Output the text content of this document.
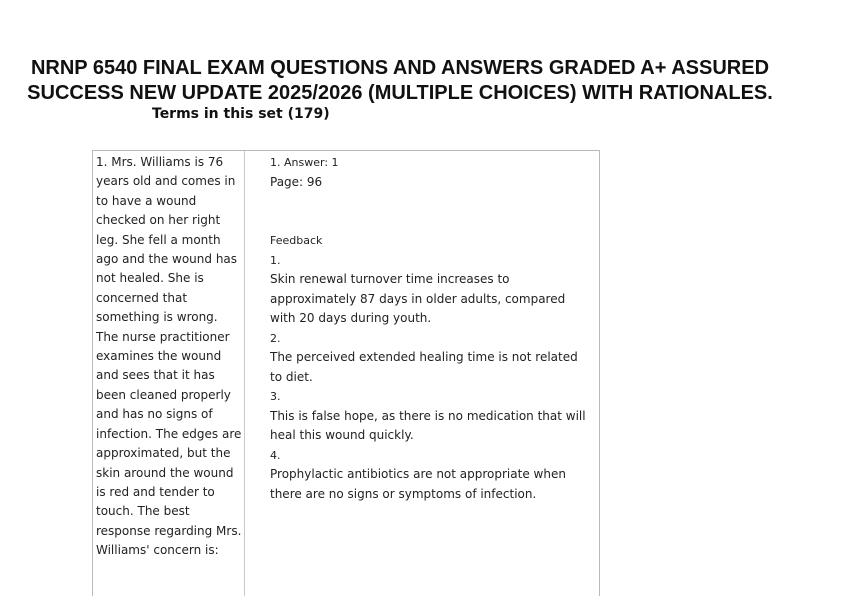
NRNP 6540 FINAL EXAM QUESTIONS AND ANSWERS GRADED A+ ASSURED
SUCCESS NEW UPDATE 2025/2026 (MULTIPLE CHOICES) WITH RATIONALES.
Terms in this set (179)
1. Mrs. Williams is 76 years old and comes in to have a wound checked on her right leg. She fell a month ago and the wound has not healed. She is concerned that something is wrong. The nurse practitioner examines the wound and sees that it has been cleaned properly and has no signs of infection. The edges are approximated, but the skin around the wound is red and tender to touch. The best response regarding Mrs. Williams' concern is:
1. Answer: 1
Page: 96
Feedback
1.
Skin renewal turnover time increases to
approximately 87 days in older adults, compared
with 20 days during youth.
2.
The perceived extended healing time is not related
to diet.
3.
This is false hope, as there is no medication that will
heal this wound quickly.
4.
Prophylactic antibiotics are not appropriate when
there are no signs or symptoms of infection.
